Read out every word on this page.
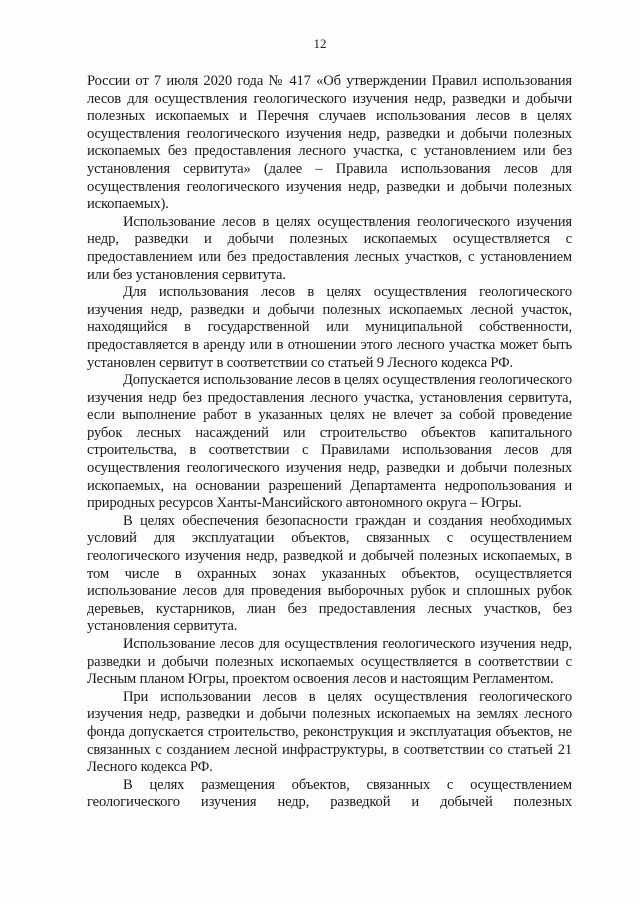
12

России от 7 июля 2020 года № 417 «Об утверждении Правил использования лесов для осуществления геологического изучения недр, разведки и добычи полезных ископаемых и Перечня случаев использования лесов в целях осуществления геологического изучения недр, разведки и добычи полезных ископаемых без предоставления лесного участка, с установлением или без установления сервитута» (далее – Правила использования лесов для осуществления геологического изучения недр, разведки и добычи полезных ископаемых).

Использование лесов в целях осуществления геологического изучения недр, разведки и добычи полезных ископаемых осуществляется с предоставлением или без предоставления лесных участков, с установлением или без установления сервитута.

Для использования лесов в целях осуществления геологического изучения недр, разведки и добычи полезных ископаемых лесной участок, находящийся в государственной или муниципальной собственности, предоставляется в аренду или в отношении этого лесного участка может быть установлен сервитут в соответствии со статьей 9 Лесного кодекса РФ.

Допускается использование лесов в целях осуществления геологического изучения недр без предоставления лесного участка, установления сервитута, если выполнение работ в указанных целях не влечет за собой проведение рубок лесных насаждений или строительство объектов капитального строительства, в соответствии с Правилами использования лесов для осуществления геологического изучения недр, разведки и добычи полезных ископаемых, на основании разрешений Департамента недропользования и природных ресурсов Ханты-Мансийского автономного округа – Югры.

В целях обеспечения безопасности граждан и создания необходимых условий для эксплуатации объектов, связанных с осуществлением геологического изучения недр, разведкой и добычей полезных ископаемых, в том числе в охранных зонах указанных объектов, осуществляется использование лесов для проведения выборочных рубок и сплошных рубок деревьев, кустарников, лиан без предоставления лесных участков, без установления сервитута.

Использование лесов для осуществления геологического изучения недр, разведки и добычи полезных ископаемых осуществляется в соответствии с Лесным планом Югры, проектом освоения лесов и настоящим Регламентом.

При использовании лесов в целях осуществления геологического изучения недр, разведки и добычи полезных ископаемых на землях лесного фонда допускается строительство, реконструкция и эксплуатация объектов, не связанных с созданием лесной инфраструктуры, в соответствии со статьей 21 Лесного кодекса РФ.

В целях размещения объектов, связанных с осуществлением геологического изучения недр, разведкой и добычей полезных
